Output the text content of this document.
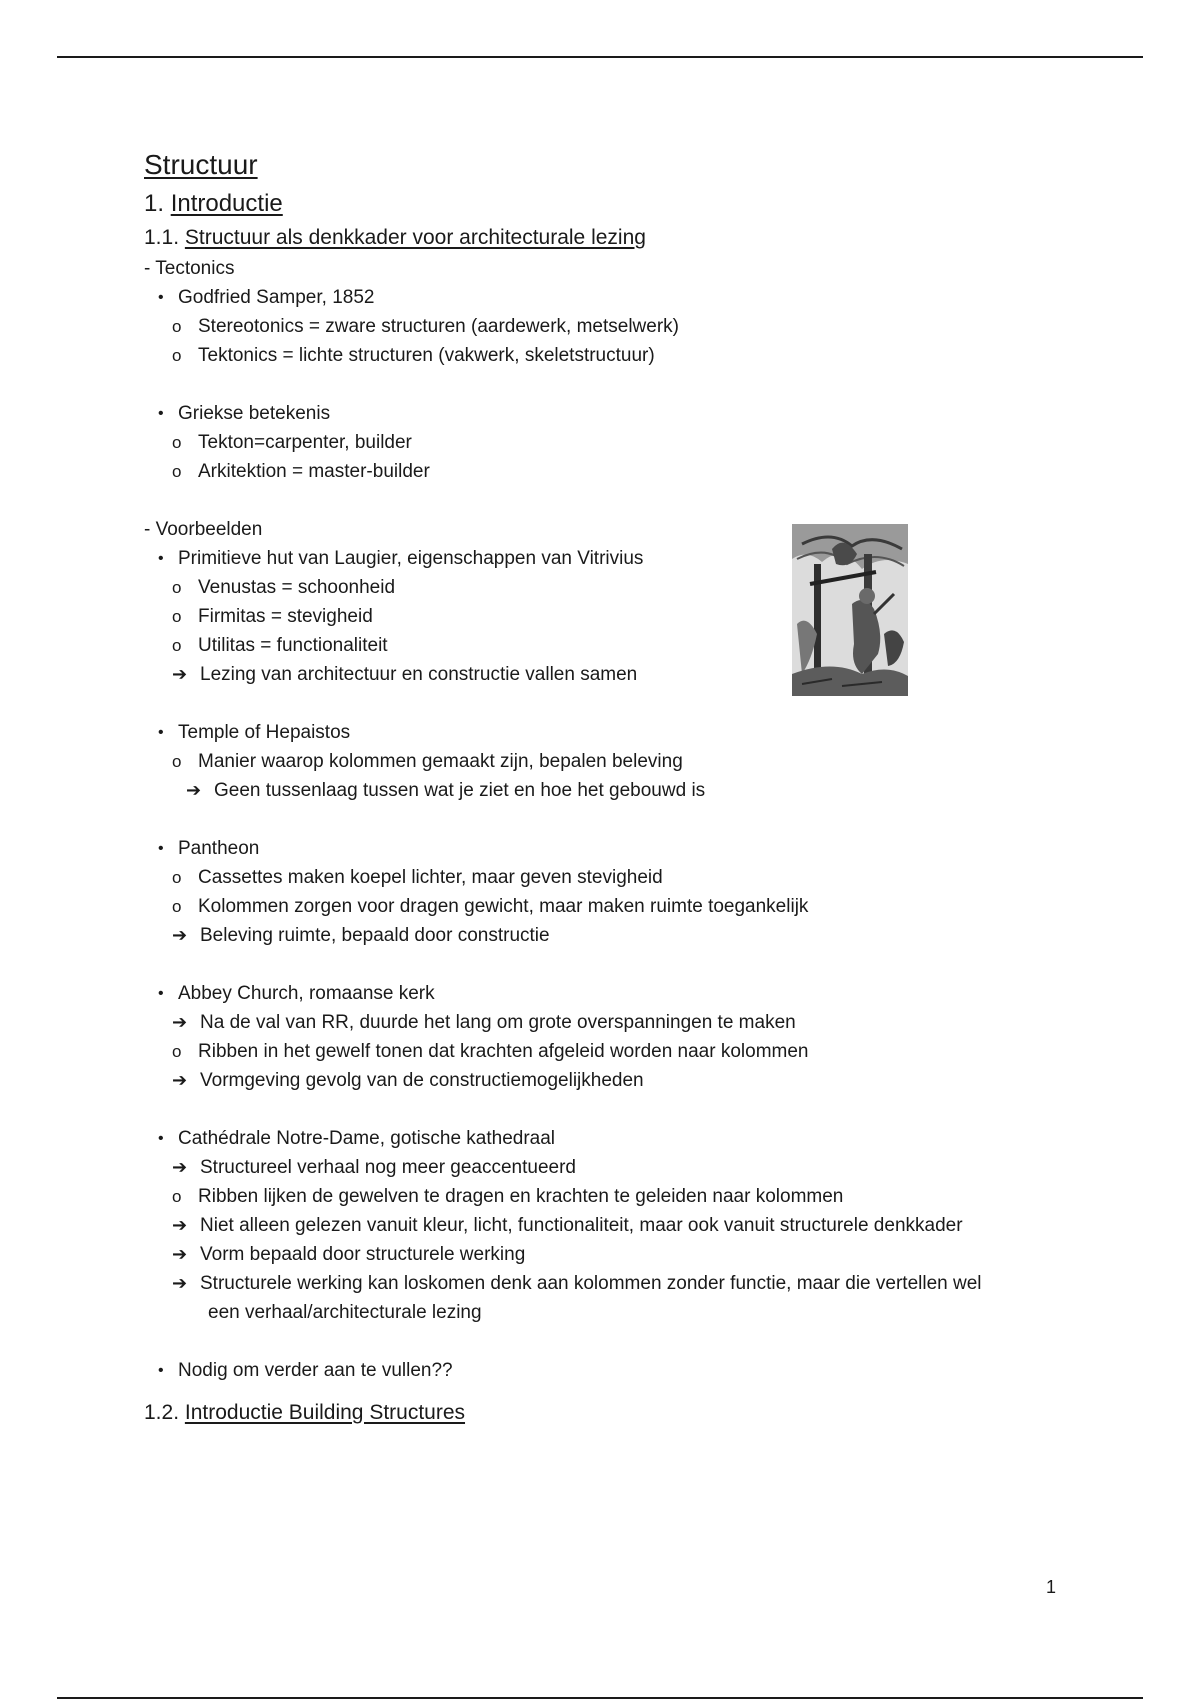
Structuur
1. Introductie
1.1. Structuur als denkkader voor architecturale lezing
- Tectonics
• Godfried Samper, 1852
o Stereotonics = zware structuren (aardewerk, metselwerk)
o Tektonics = lichte structuren (vakwerk, skeletstructuur)
• Griekse betekenis
o Tekton=carpenter, builder
o Arkitektion = master-builder
- Voorbeelden
• Primitieve hut van Laugier, eigenschappen van Vitrivius
o Venustas = schoonheid
o Firmitas = stevigheid
o Utilitas = functionaliteit
➔ Lezing van architectuur en constructie vallen samen
• Temple of Hepaistos
o Manier waarop kolommen gemaakt zijn, bepalen beleving
➔ Geen tussenlaag tussen wat je ziet en hoe het gebouwd is
• Pantheon
o Cassettes maken koepel lichter, maar geven stevigheid
o Kolommen zorgen voor dragen gewicht, maar maken ruimte toegankelijk
➔ Beleving ruimte, bepaald door constructie
• Abbey Church, romaanse kerk
➔ Na de val van RR, duurde het lang om grote overspanningen te maken
o Ribben in het gewelf tonen dat krachten afgeleid worden naar kolommen
➔ Vormgeving gevolg van de constructiemogelijkheden
• Cathédrale Notre-Dame, gotische kathedraal
➔ Structureel verhaal nog meer geaccentueerd
o Ribben lijken de gewelven te dragen en krachten te geleiden naar kolommen
➔ Niet alleen gelezen vanuit kleur, licht, functionaliteit, maar ook vanuit structurele denkkader
➔ Vorm bepaald door structurele werking
➔ Structurele werking kan loskomen denk aan kolommen zonder functie, maar die vertellen wel
een verhaal/architecturale lezing
• Nodig om verder aan te vullen??
1.2. Introductie Building Structures
1
